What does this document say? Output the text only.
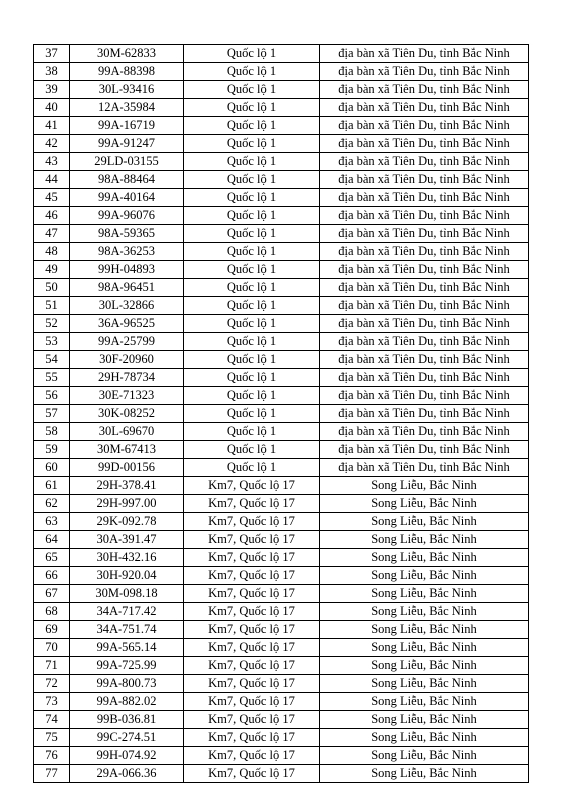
37	30M-62833	Quốc lộ 1	địa bàn xã Tiên Du, tỉnh Bắc Ninh
38	99A-88398	Quốc lộ 1	địa bàn xã Tiên Du, tỉnh Bắc Ninh
39	30L-93416	Quốc lộ 1	địa bàn xã Tiên Du, tỉnh Bắc Ninh
40	12A-35984	Quốc lộ 1	địa bàn xã Tiên Du, tỉnh Bắc Ninh
41	99A-16719	Quốc lộ 1	địa bàn xã Tiên Du, tỉnh Bắc Ninh
42	99A-91247	Quốc lộ 1	địa bàn xã Tiên Du, tỉnh Bắc Ninh
43	29LD-03155	Quốc lộ 1	địa bàn xã Tiên Du, tỉnh Bắc Ninh
44	98A-88464	Quốc lộ 1	địa bàn xã Tiên Du, tỉnh Bắc Ninh
45	99A-40164	Quốc lộ 1	địa bàn xã Tiên Du, tỉnh Bắc Ninh
46	99A-96076	Quốc lộ 1	địa bàn xã Tiên Du, tỉnh Bắc Ninh
47	98A-59365	Quốc lộ 1	địa bàn xã Tiên Du, tỉnh Bắc Ninh
48	98A-36253	Quốc lộ 1	địa bàn xã Tiên Du, tỉnh Bắc Ninh
49	99H-04893	Quốc lộ 1	địa bàn xã Tiên Du, tỉnh Bắc Ninh
50	98A-96451	Quốc lộ 1	địa bàn xã Tiên Du, tỉnh Bắc Ninh
51	30L-32866	Quốc lộ 1	địa bàn xã Tiên Du, tỉnh Bắc Ninh
52	36A-96525	Quốc lộ 1	địa bàn xã Tiên Du, tỉnh Bắc Ninh
53	99A-25799	Quốc lộ 1	địa bàn xã Tiên Du, tỉnh Bắc Ninh
54	30F-20960	Quốc lộ 1	địa bàn xã Tiên Du, tỉnh Bắc Ninh
55	29H-78734	Quốc lộ 1	địa bàn xã Tiên Du, tỉnh Bắc Ninh
56	30E-71323	Quốc lộ 1	địa bàn xã Tiên Du, tỉnh Bắc Ninh
57	30K-08252	Quốc lộ 1	địa bàn xã Tiên Du, tỉnh Bắc Ninh
58	30L-69670	Quốc lộ 1	địa bàn xã Tiên Du, tỉnh Bắc Ninh
59	30M-67413	Quốc lộ 1	địa bàn xã Tiên Du, tỉnh Bắc Ninh
60	99D-00156	Quốc lộ 1	địa bàn xã Tiên Du, tỉnh Bắc Ninh
61	29H-378.41	Km7, Quốc lộ 17	Song Liễu, Bắc Ninh
62	29H-997.00	Km7, Quốc lộ 17	Song Liễu, Bắc Ninh
63	29K-092.78	Km7, Quốc lộ 17	Song Liễu, Bắc Ninh
64	30A-391.47	Km7, Quốc lộ 17	Song Liễu, Bắc Ninh
65	30H-432.16	Km7, Quốc lộ 17	Song Liễu, Bắc Ninh
66	30H-920.04	Km7, Quốc lộ 17	Song Liễu, Bắc Ninh
67	30M-098.18	Km7, Quốc lộ 17	Song Liễu, Bắc Ninh
68	34A-717.42	Km7, Quốc lộ 17	Song Liễu, Bắc Ninh
69	34A-751.74	Km7, Quốc lộ 17	Song Liễu, Bắc Ninh
70	99A-565.14	Km7, Quốc lộ 17	Song Liễu, Bắc Ninh
71	99A-725.99	Km7, Quốc lộ 17	Song Liễu, Bắc Ninh
72	99A-800.73	Km7, Quốc lộ 17	Song Liễu, Bắc Ninh
73	99A-882.02	Km7, Quốc lộ 17	Song Liễu, Bắc Ninh
74	99B-036.81	Km7, Quốc lộ 17	Song Liễu, Bắc Ninh
75	99C-274.51	Km7, Quốc lộ 17	Song Liễu, Bắc Ninh
76	99H-074.92	Km7, Quốc lộ 17	Song Liễu, Bắc Ninh
77	29A-066.36	Km7, Quốc lộ 17	Song Liễu, Bắc Ninh
